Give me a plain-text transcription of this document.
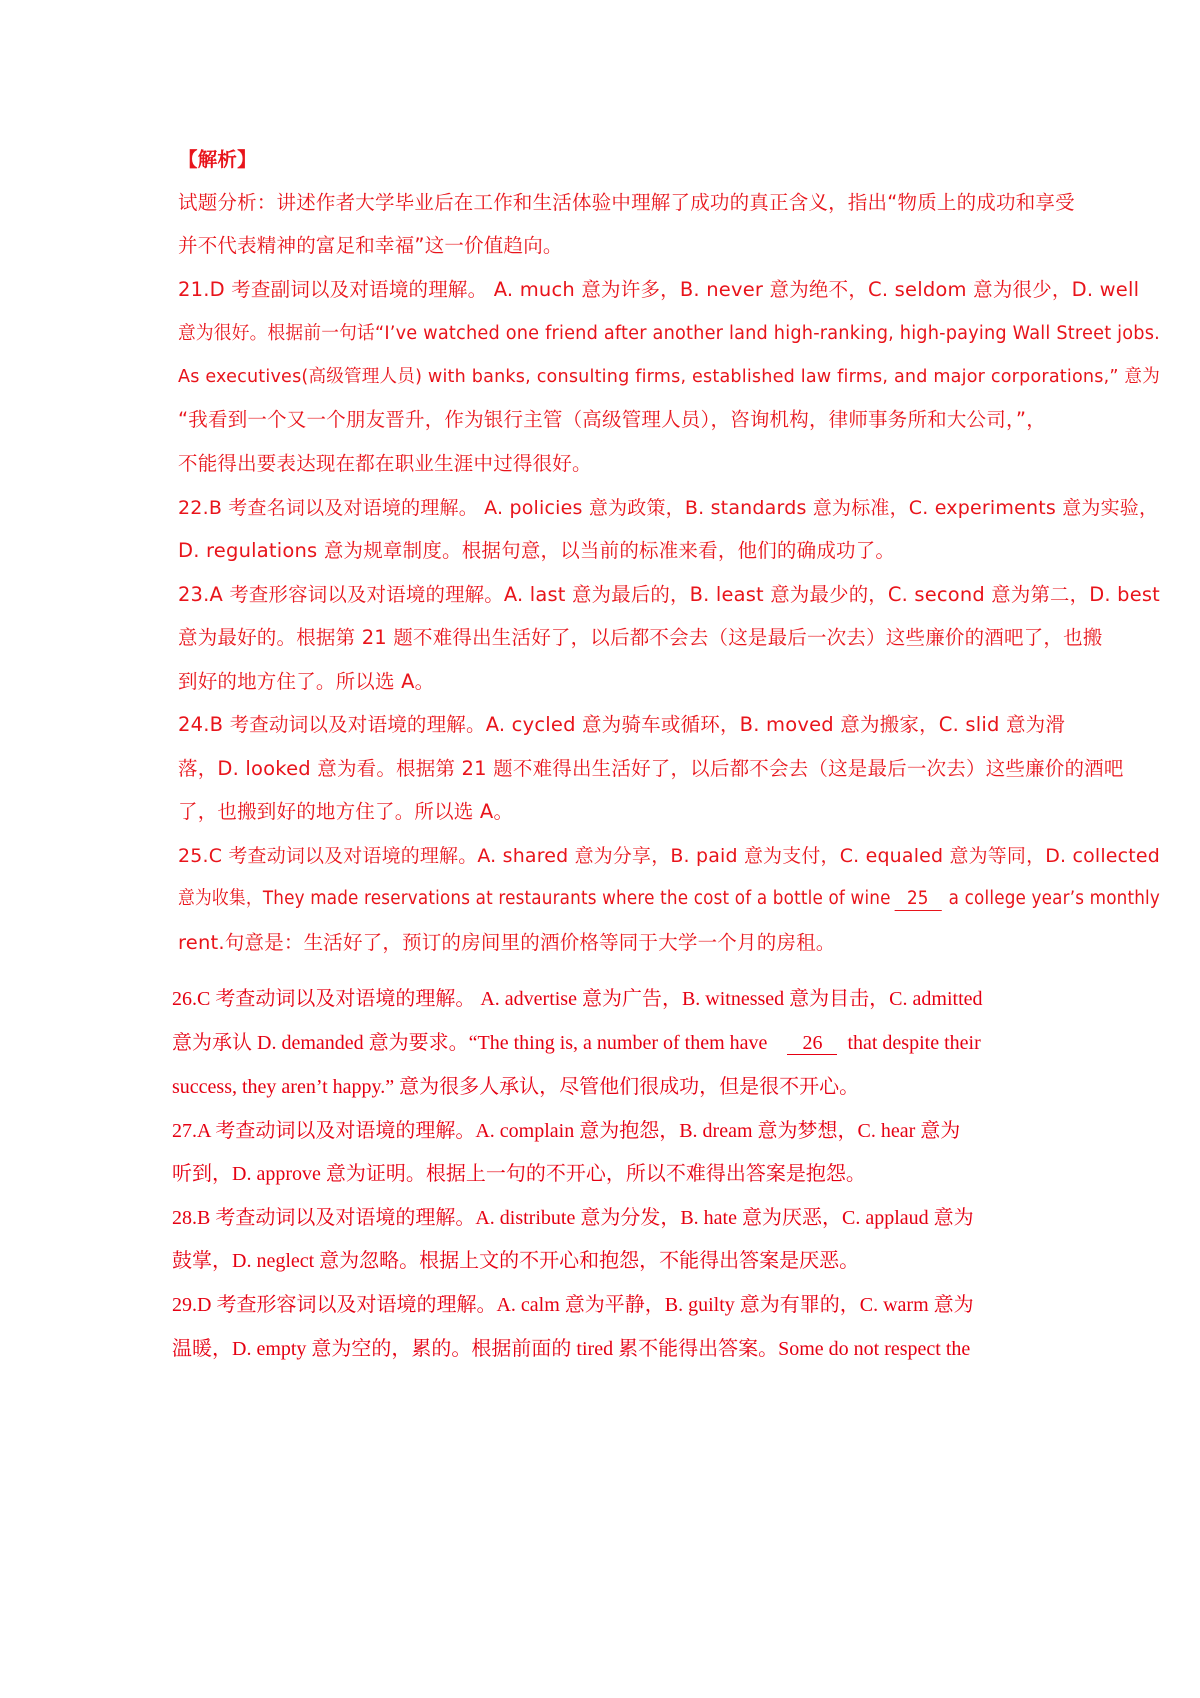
【解析】
试题分析：讲述作者大学毕业后在工作和生活体验中理解了成功的真正含义，指出“物质上的成功和享受
并不代表精神的富足和幸福”这一价值趋向。
21.D 考查副词以及对语境的理解。 A. much 意为许多，B. never 意为绝不，C. seldom 意为很少，D. well
意为很好。根据前一句话“I’ve watched one friend after another land high-ranking, high-paying Wall Street jobs.
As executives(高级管理人员) with banks, consulting firms, established law firms, and major corporations,” 意为
“我看到一个又一个朋友晋升，作为银行主管（高级管理人员），咨询机构，律师事务所和大公司，”，
不能得出要表达现在都在职业生涯中过得很好。
22.B 考查名词以及对语境的理解。 A. policies 意为政策，B. standards 意为标准，C. experiments 意为实验，
D. regulations 意为规章制度。根据句意，以当前的标准来看，他们的确成功了。
23.A 考查形容词以及对语境的理解。A. last 意为最后的，B. least 意为最少的，C. second 意为第二，D. best
意为最好的。根据第 21 题不难得出生活好了，以后都不会去（这是最后一次去）这些廉价的酒吧了，也搬
到好的地方住了。所以选 A。
24.B 考查动词以及对语境的理解。A. cycled 意为骑车或循环，B. moved 意为搬家，C. slid 意为滑
落，D. looked 意为看。根据第 21 题不难得出生活好了，以后都不会去（这是最后一次去）这些廉价的酒吧
了，也搬到好的地方住了。所以选 A。
25.C 考查动词以及对语境的理解。A. shared 意为分享，B. paid 意为支付，C. equaled 意为等同，D. collected
意为收集，They made reservations at restaurants where the cost of a bottle of wine 25 a college year’s monthly
rent.句意是：生活好了，预订的房间里的酒价格等同于大学一个月的房租。
26.C 考查动词以及对语境的理解。 A. advertise 意为广告，B. witnessed 意为目击，C. admitted
意为承认 D. demanded 意为要求。“The thing is, a number of them have 26 that despite their
success, they aren’t happy.” 意为很多人承认，尽管他们很成功，但是很不开心。
27.A 考查动词以及对语境的理解。A. complain 意为抱怨，B. dream 意为梦想，C. hear 意为
听到，D. approve 意为证明。根据上一句的不开心，所以不难得出答案是抱怨。
28.B 考查动词以及对语境的理解。A. distribute 意为分发，B. hate 意为厌恶，C. applaud 意为
鼓掌，D. neglect 意为忽略。根据上文的不开心和抱怨，不能得出答案是厌恶。
29.D 考查形容词以及对语境的理解。A. calm 意为平静，B. guilty 意为有罪的，C. warm 意为
温暖，D. empty 意为空的，累的。根据前面的 tired 累不能得出答案。Some do not respect the
